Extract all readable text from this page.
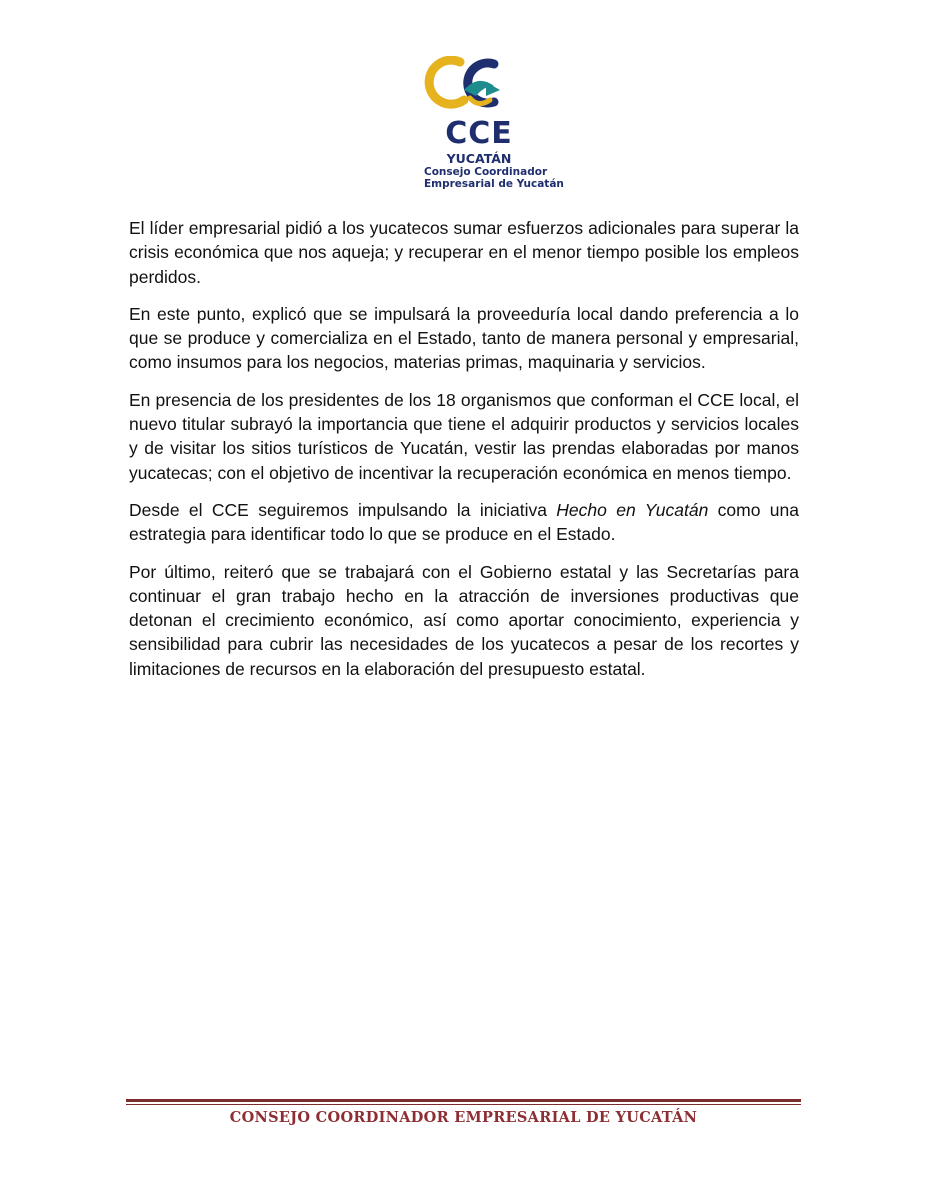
CCE
YUCATÁN
Consejo Coordinador
Empresarial de Yucatán

El líder empresarial pidió a los yucatecos sumar esfuerzos adicionales para superar la crisis económica que nos aqueja; y recuperar en el menor tiempo posible los empleos perdidos.

En este punto, explicó que se impulsará la proveeduría local dando preferencia a lo que se produce y comercializa en el Estado, tanto de manera personal y empresarial, como insumos para los negocios, materias primas, maquinaria y servicios.

En presencia de los presidentes de los 18 organismos que conforman el CCE local, el nuevo titular subrayó la importancia que tiene el adquirir productos y servicios locales y de visitar los sitios turísticos de Yucatán, vestir las prendas elaboradas por manos yucatecas; con el objetivo de incentivar la recuperación económica en menos tiempo.

Desde el CCE seguiremos impulsando la iniciativa Hecho en Yucatán como una estrategia para identificar todo lo que se produce en el Estado.

Por último, reiteró que se trabajará con el Gobierno estatal y las Secretarías para continuar el gran trabajo hecho en la atracción de inversiones productivas que detonan el crecimiento económico, así como aportar conocimiento, experiencia y sensibilidad para cubrir las necesidades de los yucatecos a pesar de los recortes y limitaciones de recursos en la elaboración del presupuesto estatal.

CONSEJO COORDINADOR EMPRESARIAL DE YUCATÁN
